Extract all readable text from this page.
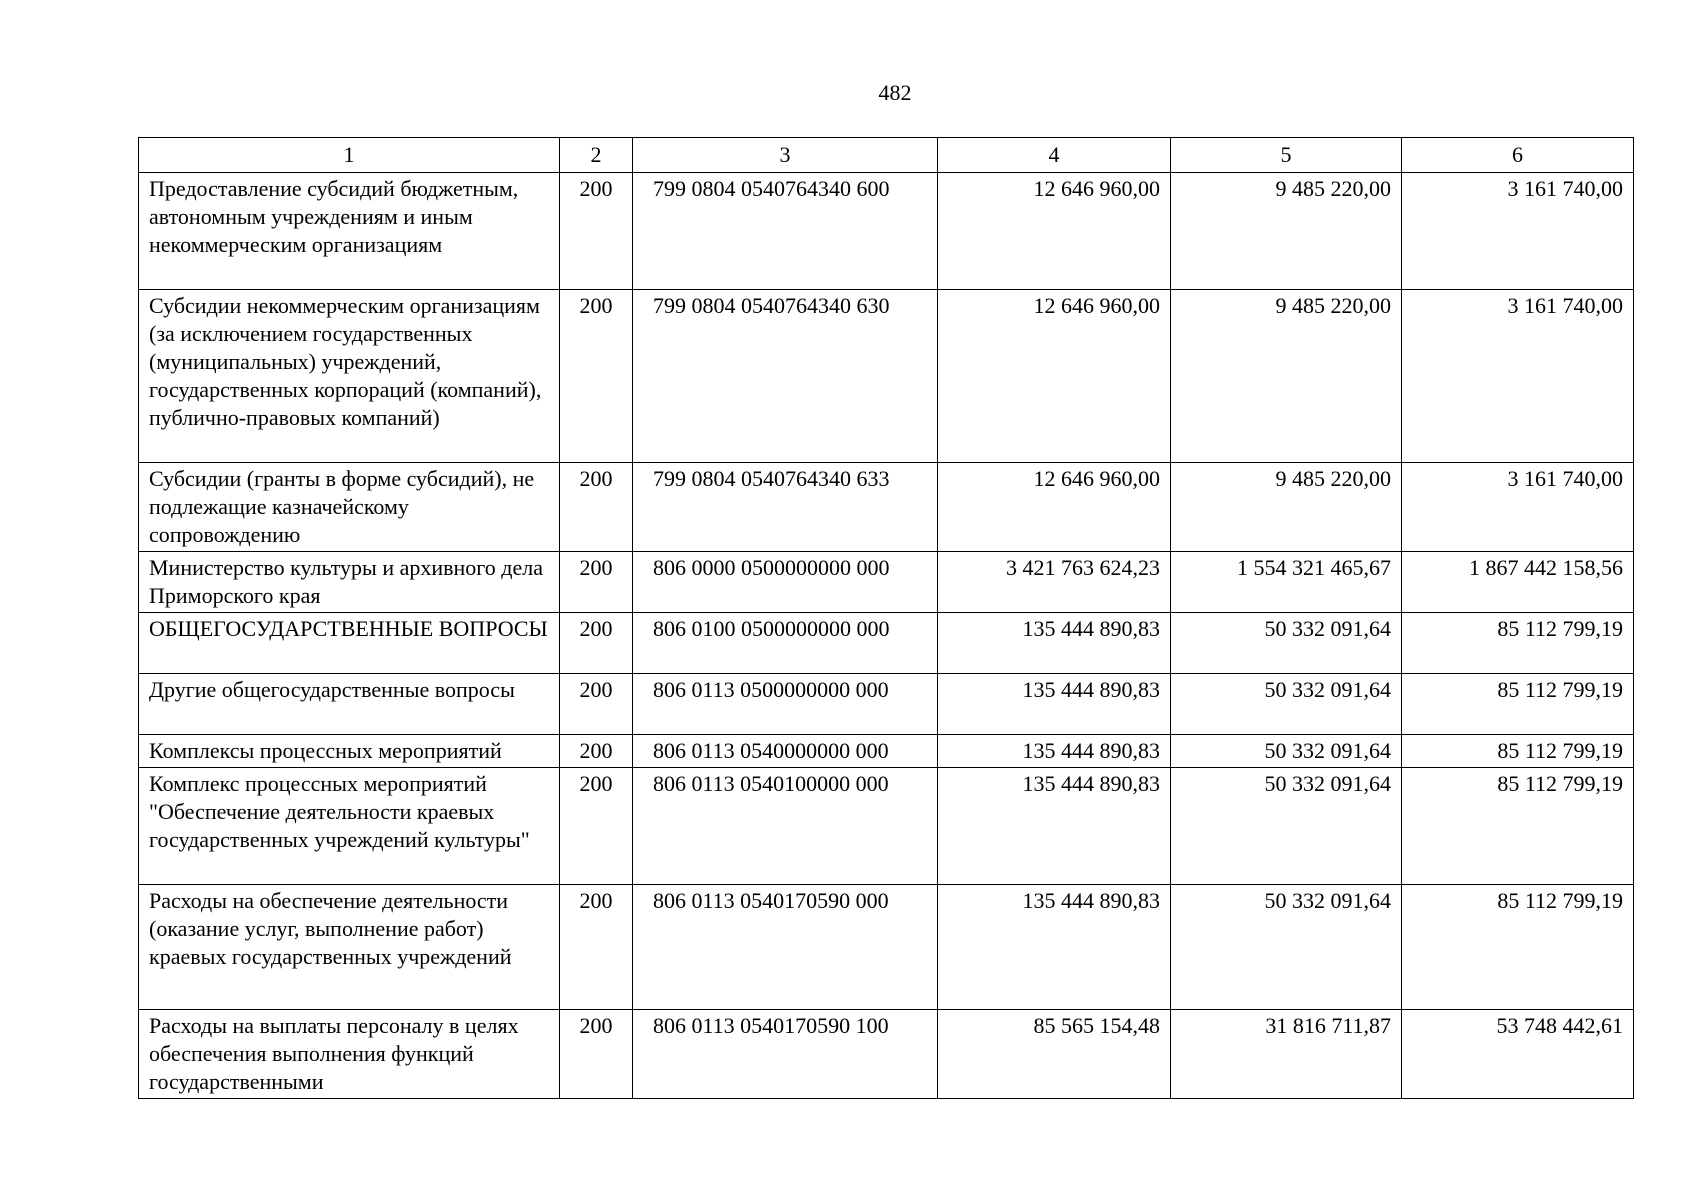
482
1	2	3	4	5	6
Предоставление субсидий бюджетным, автономным учреждениям и иным некоммерческим организациям	200	799 0804 0540764340 600	12 646 960,00	9 485 220,00	3 161 740,00
Субсидии некоммерческим организациям (за исключением государственных (муниципальных) учреждений, государственных корпораций (компаний), публично-правовых компаний)	200	799 0804 0540764340 630	12 646 960,00	9 485 220,00	3 161 740,00
Субсидии (гранты в форме субсидий), не подлежащие казначейскому сопровождению	200	799 0804 0540764340 633	12 646 960,00	9 485 220,00	3 161 740,00
Министерство культуры и архивного дела Приморского края	200	806 0000 0500000000 000	3 421 763 624,23	1 554 321 465,67	1 867 442 158,56
ОБЩЕГОСУДАРСТВЕННЫЕ ВОПРОСЫ	200	806 0100 0500000000 000	135 444 890,83	50 332 091,64	85 112 799,19
Другие общегосударственные вопросы	200	806 0113 0500000000 000	135 444 890,83	50 332 091,64	85 112 799,19
Комплексы процессных мероприятий	200	806 0113 0540000000 000	135 444 890,83	50 332 091,64	85 112 799,19
Комплекс процессных мероприятий "Обеспечение деятельности краевых государственных учреждений культуры"	200	806 0113 0540100000 000	135 444 890,83	50 332 091,64	85 112 799,19
Расходы на обеспечение деятельности (оказание услуг, выполнение работ) краевых государственных учреждений	200	806 0113 0540170590 000	135 444 890,83	50 332 091,64	85 112 799,19
Расходы на выплаты персоналу в целях обеспечения выполнения функций государственными	200	806 0113 0540170590 100	85 565 154,48	31 816 711,87	53 748 442,61
